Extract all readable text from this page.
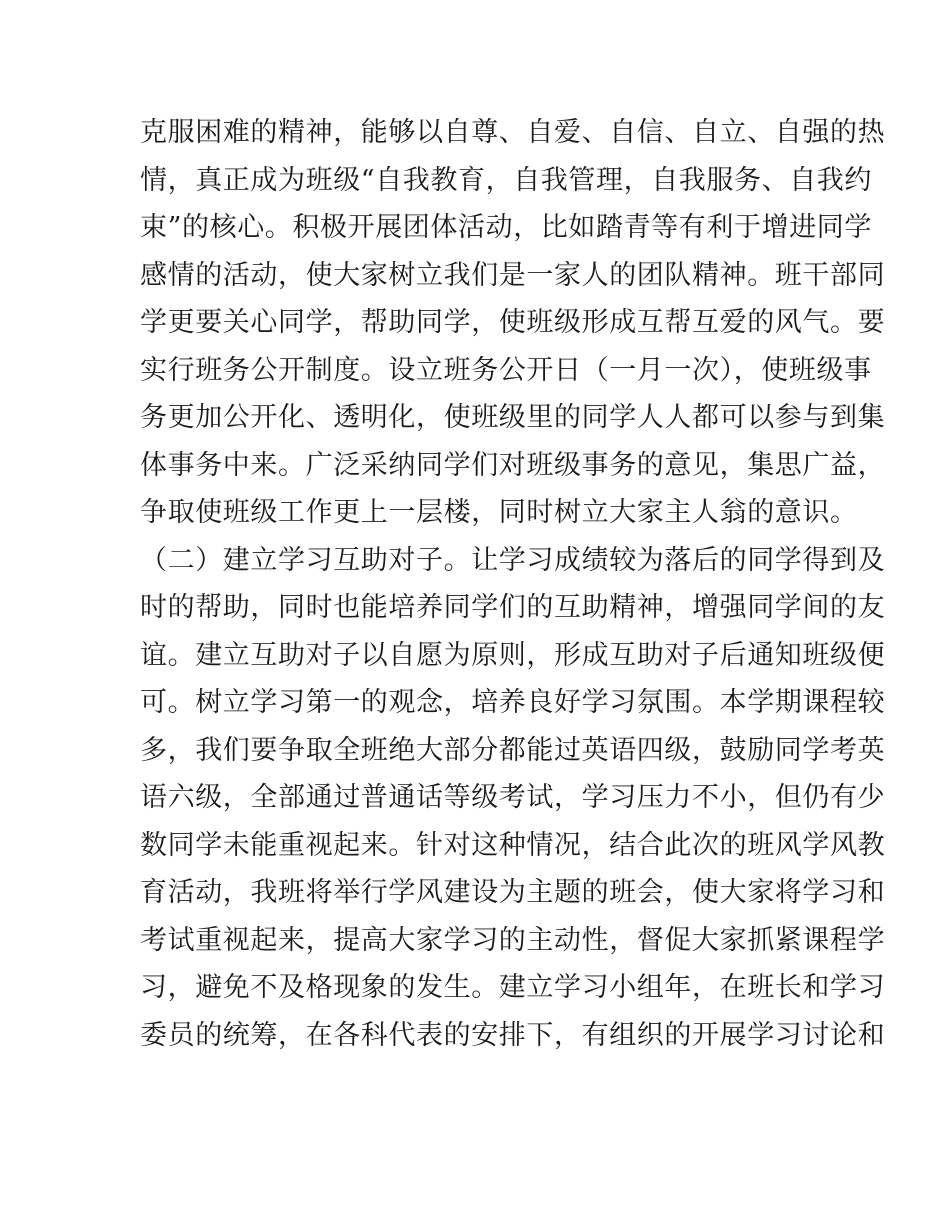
克服困难的精神，能够以自尊、自爱、自信、自立、自强的热
情，真正成为班级“自我教育，自我管理，自我服务、自我约
束”的核心。积极开展团体活动，比如踏青等有利于增进同学
感情的活动，使大家树立我们是一家人的团队精神。班干部同
学更要关心同学，帮助同学，使班级形成互帮互爱的风气。要
实行班务公开制度。设立班务公开日（一月一次），使班级事
务更加公开化、透明化，使班级里的同学人人都可以参与到集
体事务中来。广泛采纳同学们对班级事务的意见，集思广益，
争取使班级工作更上一层楼，同时树立大家主人翁的意识。
（二）建立学习互助对子。让学习成绩较为落后的同学得到及
时的帮助，同时也能培养同学们的互助精神，增强同学间的友
谊。建立互助对子以自愿为原则，形成互助对子后通知班级便
可。树立学习第一的观念，培养良好学习氛围。本学期课程较
多，我们要争取全班绝大部分都能过英语四级，鼓励同学考英
语六级，全部通过普通话等级考试，学习压力不小，但仍有少
数同学未能重视起来。针对这种情况，结合此次的班风学风教
育活动，我班将举行学风建设为主题的班会，使大家将学习和
考试重视起来，提高大家学习的主动性，督促大家抓紧课程学
习，避免不及格现象的发生。建立学习小组年，在班长和学习
委员的统筹，在各科代表的安排下，有组织的开展学习讨论和
